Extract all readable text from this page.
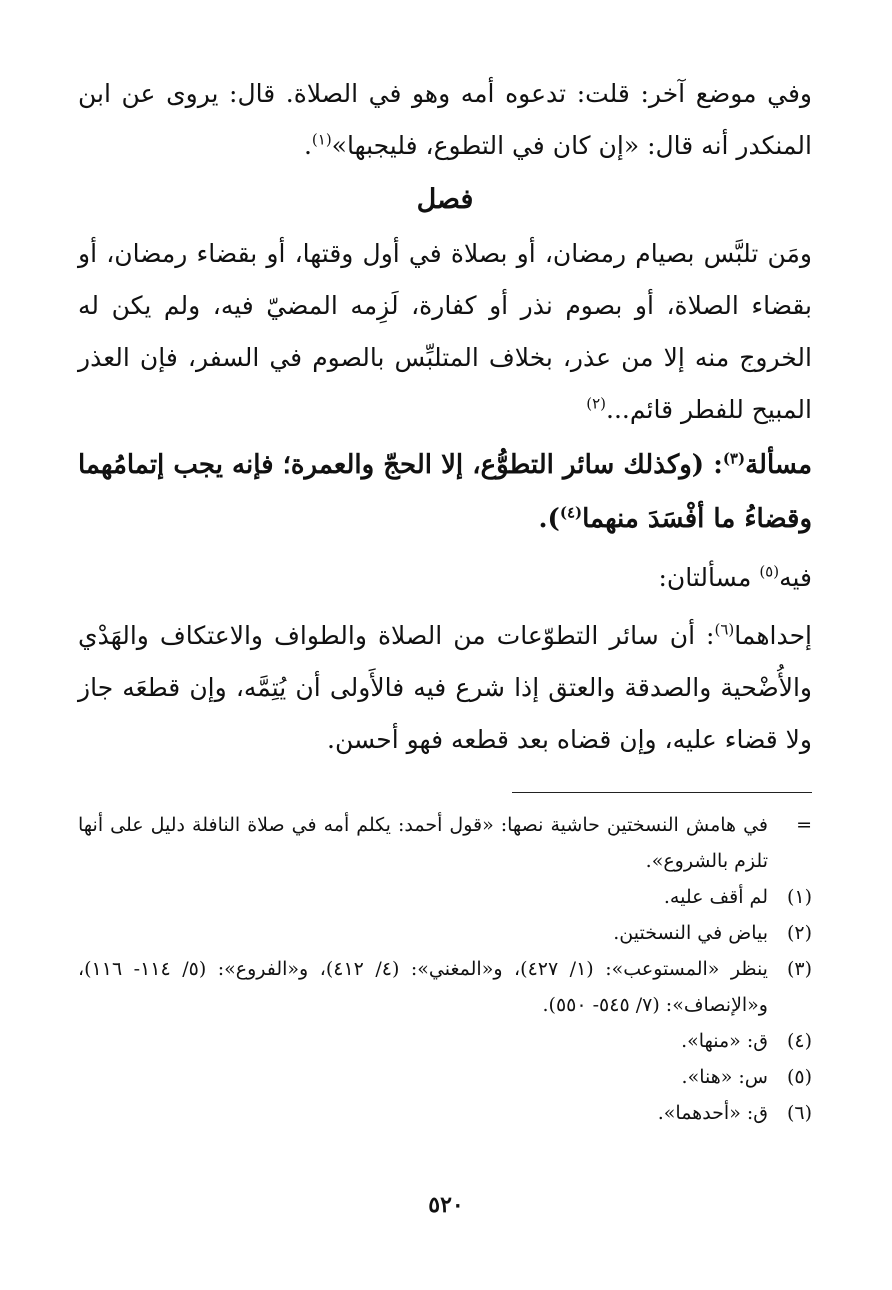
وفي موضع آخر: قلت: تدعوه أمه وهو في الصلاة. قال: يروى عن ابن المنكدر أنه قال: «إن كان في التطوع، فليجبها»$^{(١)}$.

فصل

ومَن تلبَّس بصيام رمضان، أو بصلاة في أول وقتها، أو بقضاء رمضان، أو بقضاء الصلاة، أو بصوم نذر أو كفارة، لَزِمه المضيّ فيه، ولم يكن له الخروج منه إلا من عذر، بخلاف المتلبِّس بالصوم في السفر، فإن العذر المبيح للفطر قائم...$^{(٢)}$

مسألة$^{(٣)}$: (وكذلك سائر التطوُّع، إلا الحجّ والعمرة؛ فإنه يجب إتمامُهما وقضاءُ ما أفْسَدَ منهما$^{(٤)}$).

فيه$^{(٥)}$ مسألتان:

إحداهما$^{(٦)}$: أن سائر التطوّعات من الصلاة والطواف والاعتكاف والهَدْي والأُضْحية والصدقة والعتق إذا شرع فيه فالأَولى أن يُتِمَّه، وإن قطعَه جاز ولا قضاء عليه، وإن قضاه بعد قطعه فهو أحسن.

=
في هامش النسختين حاشية نصها: «قول أحمد: يكلم أمه في صلاة النافلة دليل على أنها تلزم بالشروع».
(١)
لم أقف عليه.
(٢)
بياض في النسختين.
(٣)
ينظر «المستوعب»: (١/ ٤٢٧)، و«المغني»: (٤/ ٤١٢)، و«الفروع»: (٥/ ١١٤- ١١٦)، و«الإنصاف»: (٧/ ٥٤٥- ٥٥٠).
(٤)
ق: «منها».
(٥)
س: «هنا».
(٦)
ق: «أحدهما».
٥٢٠
